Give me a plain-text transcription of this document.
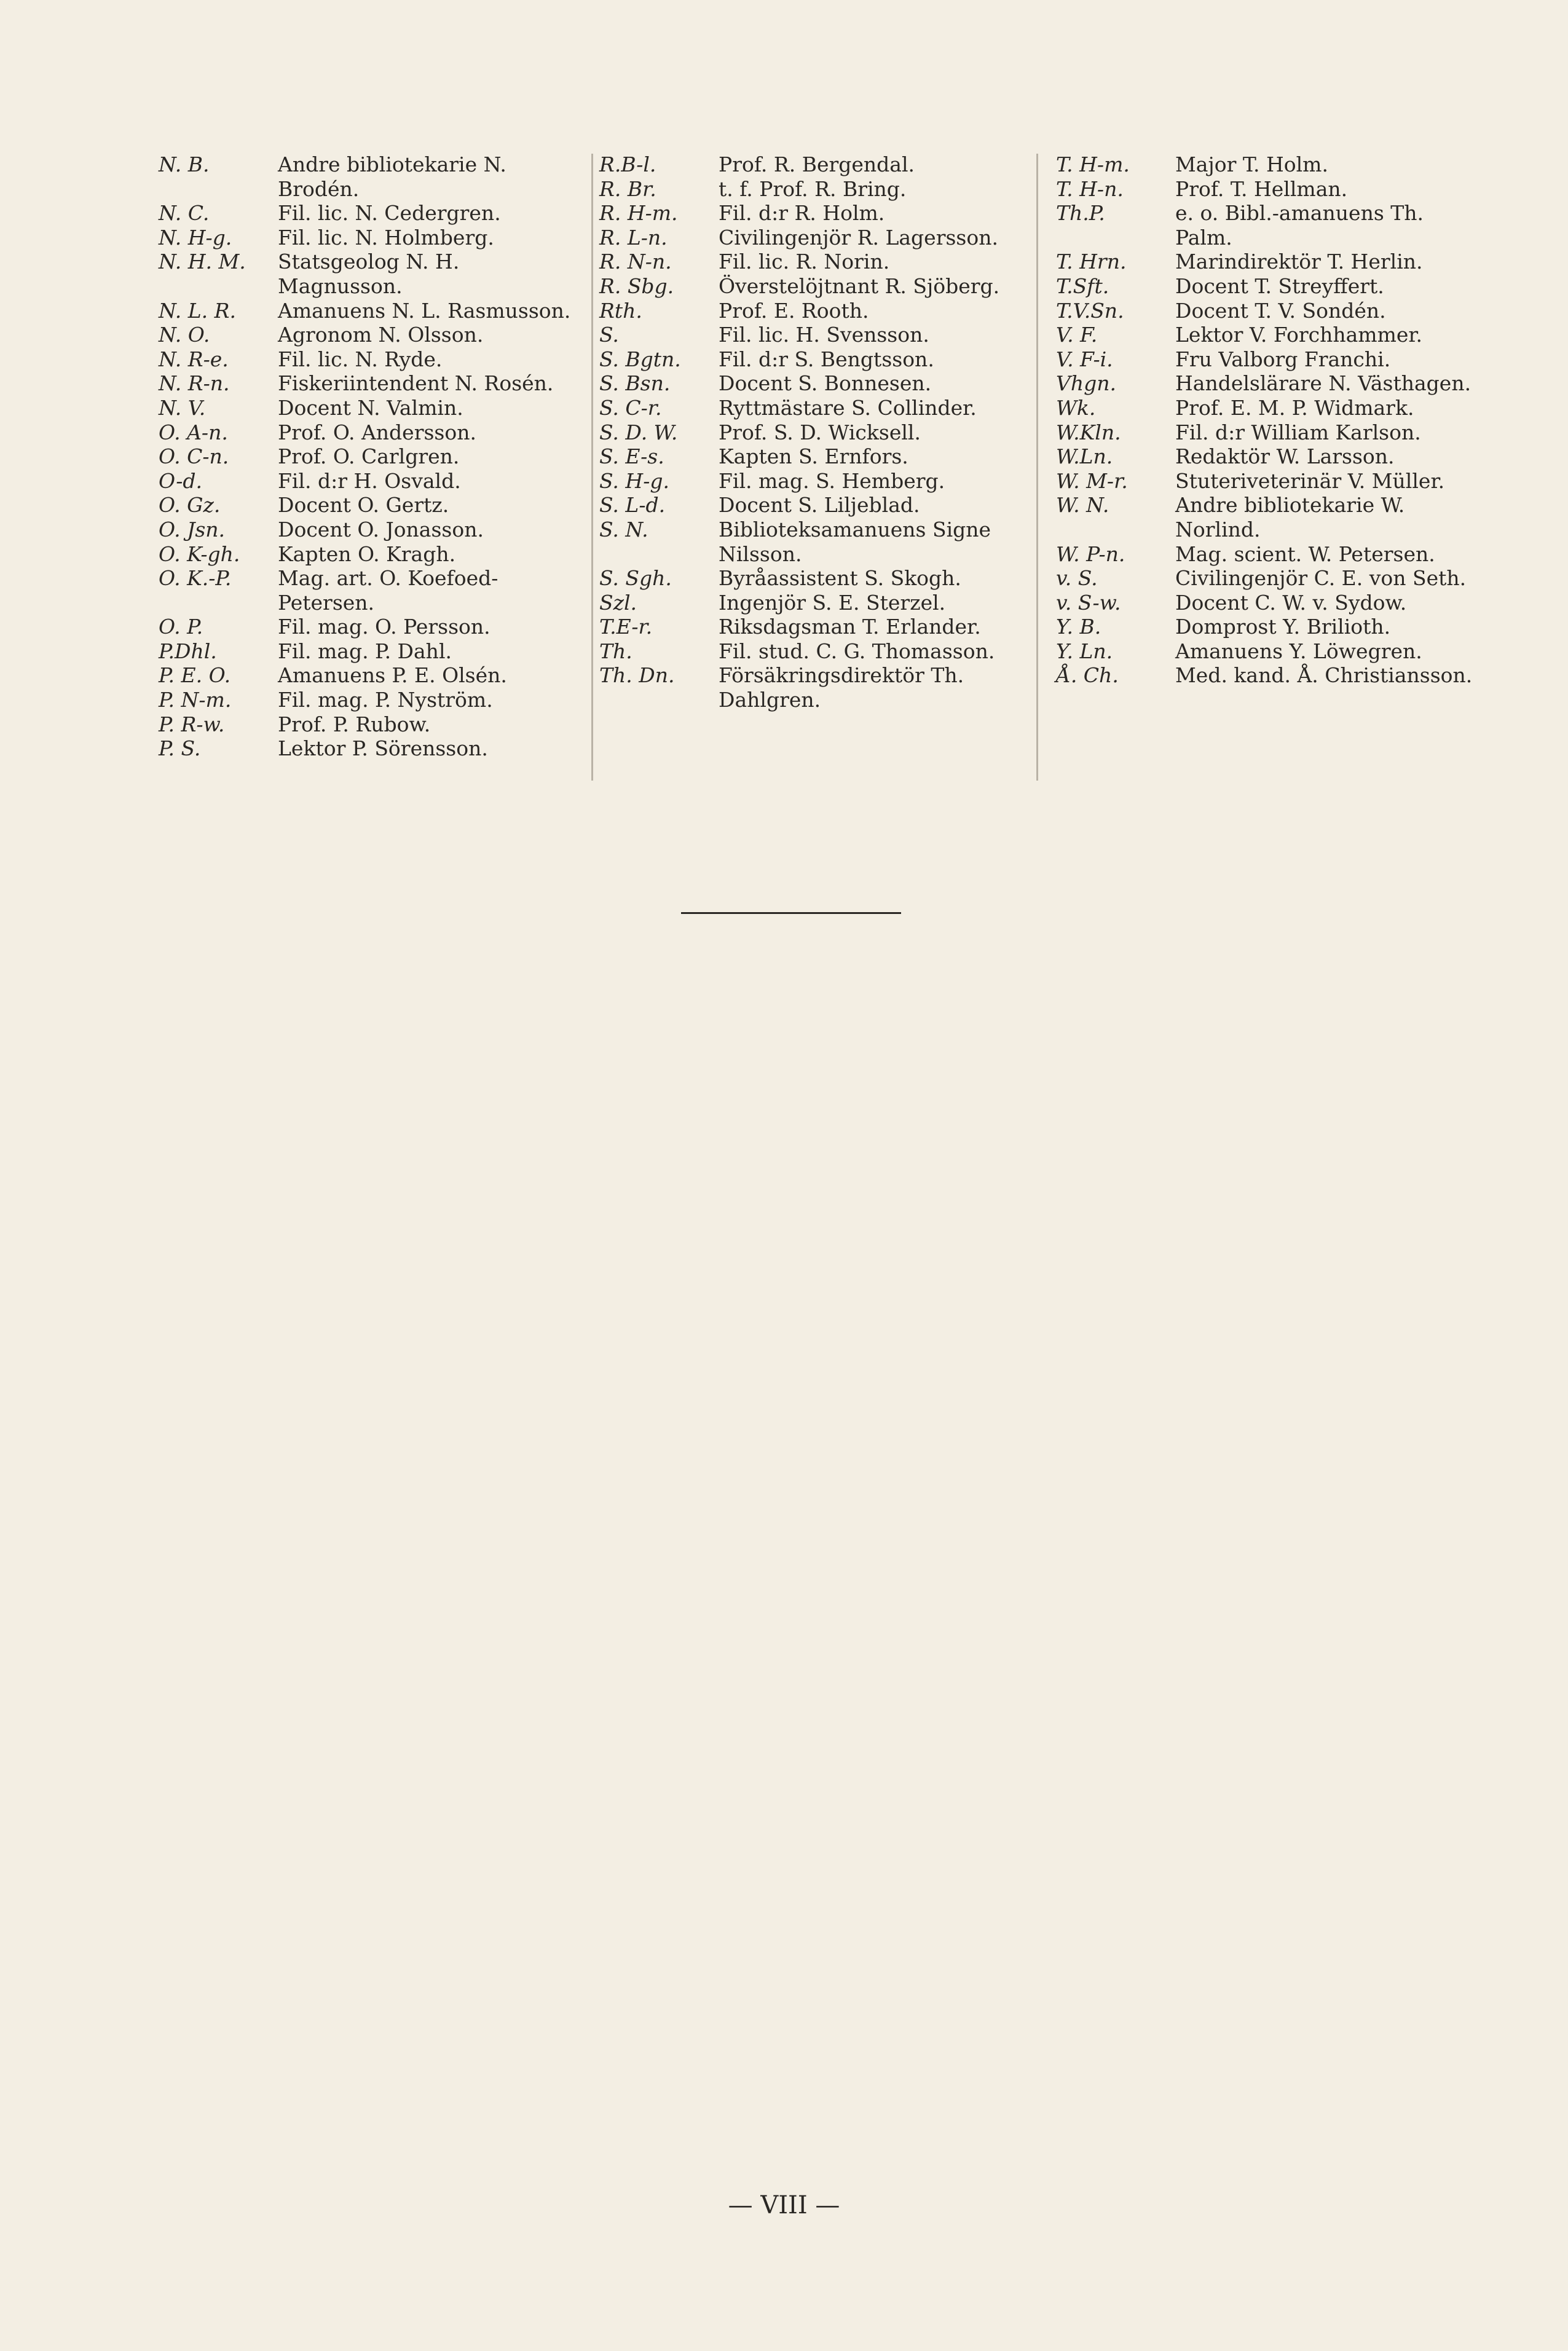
N. B.	Andre bibliotekarie N. Brodén.
N. C.	Fil. lic. N. Cedergren.
N. H-g.	Fil. lic. N. Holmberg.
N. H. M.	Statsgeolog N. H. Magnusson.
N. L. R.	Amanuens N. L. Rasmusson.
N. O.	Agronom N. Olsson.
N. R-e.	Fil. lic. N. Ryde.
N. R-n.	Fiskeriintendent N. Rosén.
N. V.	Docent N. Valmin.
O. A-n.	Prof. O. Andersson.
O. C-n.	Prof. O. Carlgren.
O-d.	Fil. d:r H. Osvald.
O. Gz.	Docent O. Gertz.
O. Jsn.	Docent O. Jonasson.
O. K-gh.	Kapten O. Kragh.
O. K.-P.	Mag. art. O. Koefoed-Petersen.
O. P.	Fil. mag. O. Persson.
P.Dhl.	Fil. mag. P. Dahl.
P. E. O.	Amanuens P. E. Olsén.
P. N-m.	Fil. mag. P. Nyström.
P. R-w.	Prof. P. Rubow.
P. S.	Lektor P. Sörensson.
R.B-l.	Prof. R. Bergendal.
R. Br.	t. f. Prof. R. Bring.
R. H-m.	Fil. d:r R. Holm.
R. L-n.	Civilingenjör R. Lagersson.
R. N-n.	Fil. lic. R. Norin.
R. Sbg.	Överstelöjtnant R. Sjöberg.
Rth.	Prof. E. Rooth.
S.	Fil. lic. H. Svensson.
S. Bgtn.	Fil. d:r S. Bengtsson.
S. Bsn.	Docent S. Bonnesen.
S. C-r.	Ryttmästare S. Collinder.
S. D. W.	Prof. S. D. Wicksell.
S. E-s.	Kapten S. Ernfors.
S. H-g.	Fil. mag. S. Hemberg.
S. L-d.	Docent S. Liljeblad.
S. N.	Biblioteksamanuens Signe Nilsson.
S. Sgh.	Byråassistent S. Skogh.
Szl.	Ingenjör S. E. Sterzel.
T.E-r.	Riksdagsman T. Erlander.
Th.	Fil. stud. C. G. Thomasson.
Th. Dn.	Försäkringsdirektör Th. Dahlgren.
T. H-m.	Major T. Holm.
T. H-n.	Prof. T. Hellman.
Th.P.	e. o. Bibl.-amanuens Th. Palm.
T. Hrn.	Marindirektör T. Herlin.
T.Sft.	Docent T. Streyffert.
T.V.Sn.	Docent T. V. Sondén.
V. F.	Lektor V. Forchhammer.
V. F-i.	Fru Valborg Franchi.
Vhgn.	Handelslärare N. Västhagen.
Wk.	Prof. E. M. P. Widmark.
W.Kln.	Fil. d:r William Karlson.
W.Ln.	Redaktör W. Larsson.
W. M-r.	Stuteriveterinär V. Müller.
W. N.	Andre bibliotekarie W. Norlind.
W. P-n.	Mag. scient. W. Petersen.
v. S.	Civilingenjör C. E. von Seth.
v. S-w.	Docent C. W. v. Sydow.
Y. B.	Domprost Y. Brilioth.
Y. Ln.	Amanuens Y. Löwegren.
Å. Ch.	Med. kand. Å. Christiansson.
— VIII —
